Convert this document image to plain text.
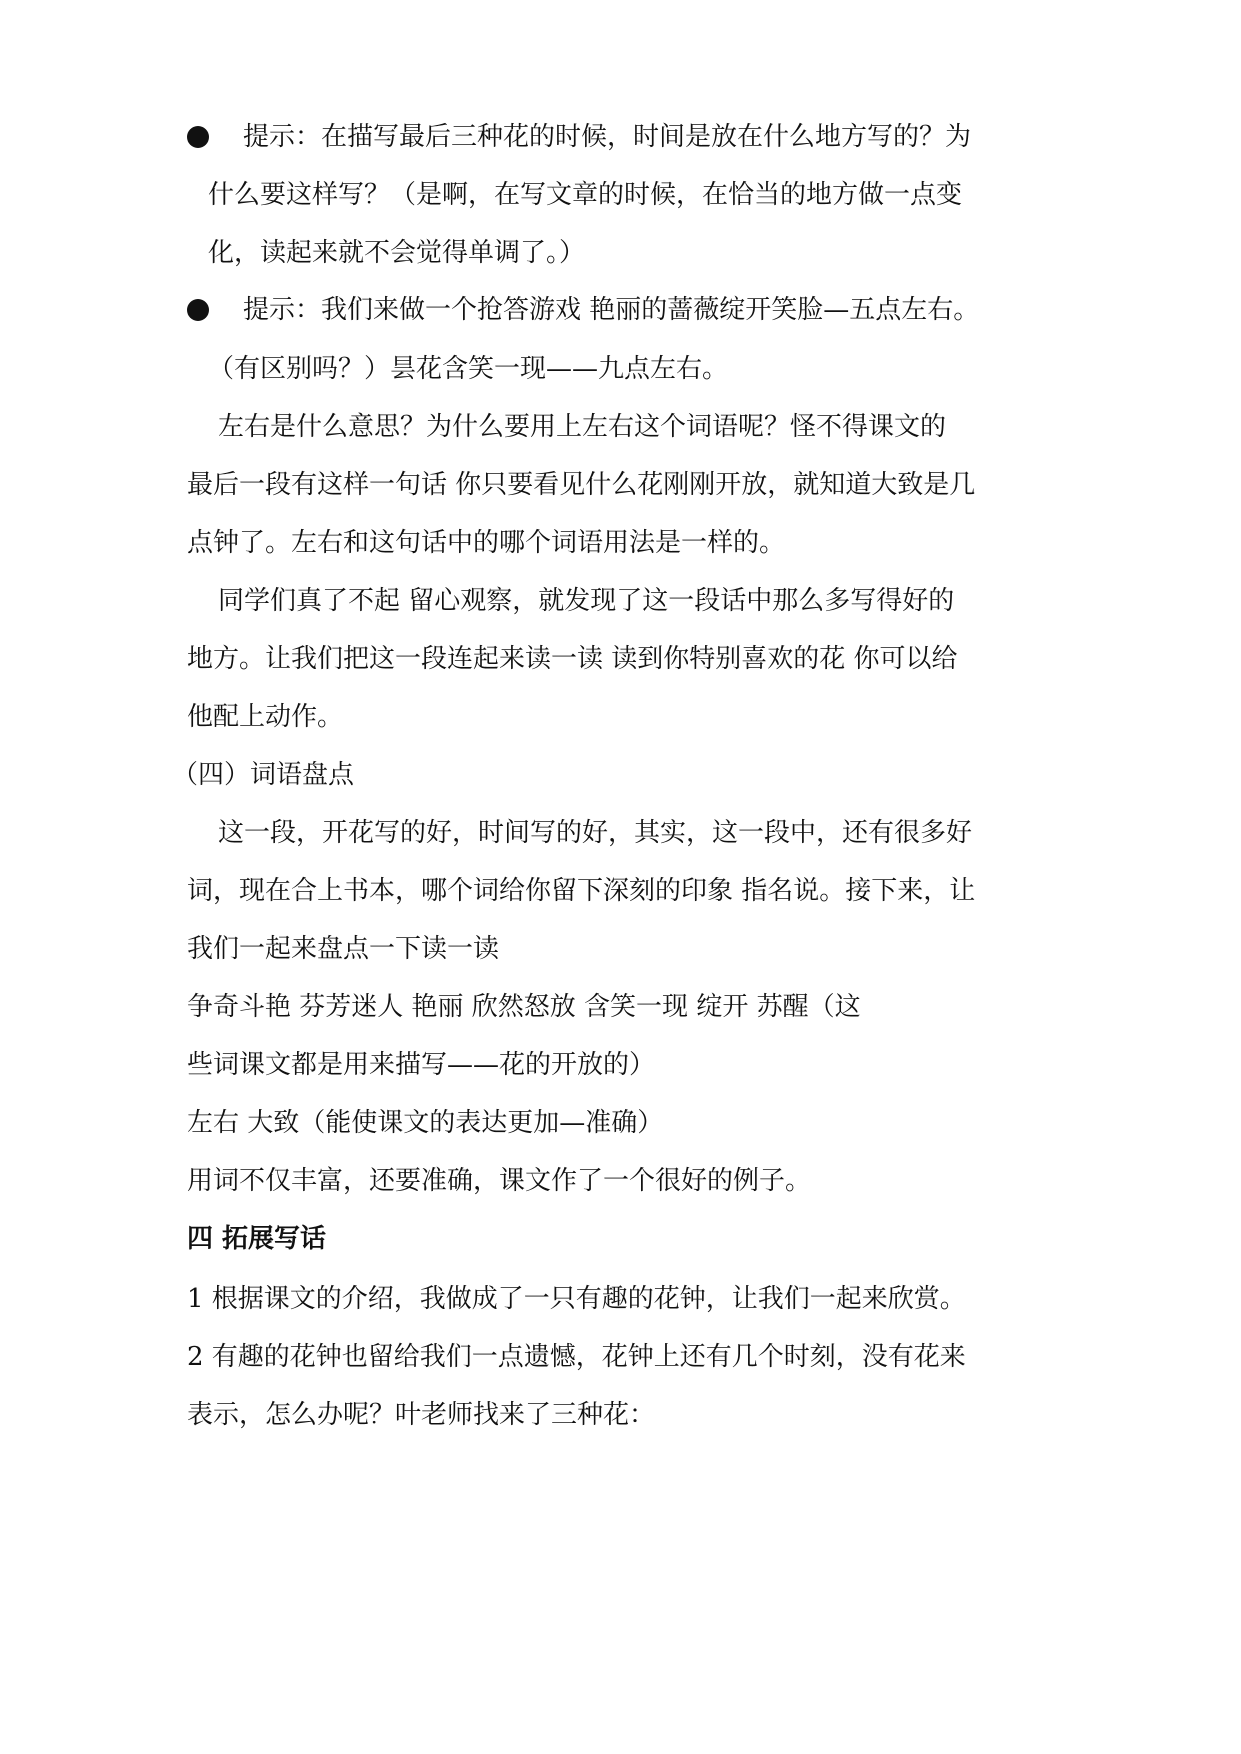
提示：在描写最后三种花的时候，时间是放在什么地方写的？为
什么要这样写？（是啊，在写文章的时候，在恰当的地方做一点变
化，读起来就不会觉得单调了。）
提示：我们来做一个抢答游戏 艳丽的蔷薇绽开笑脸—五点左右。
（有区别吗？）昙花含笑一现——九点左右。
左右是什么意思？为什么要用上左右这个词语呢？怪不得课文的
最后一段有这样一句话 你只要看见什么花刚刚开放，就知道大致是几
点钟了。左右和这句话中的哪个词语用法是一样的。
同学们真了不起 留心观察，就发现了这一段话中那么多写得好的
地方。让我们把这一段连起来读一读 读到你特别喜欢的花 你可以给
他配上动作。
（四）词语盘点
这一段，开花写的好，时间写的好，其实，这一段中，还有很多好
词，现在合上书本，哪个词给你留下深刻的印象 指名说。接下来，让
我们一起来盘点一下读一读
争奇斗艳 芬芳迷人 艳丽 欣然怒放 含笑一现 绽开 苏醒（这
些词课文都是用来描写——花的开放的）
左右 大致（能使课文的表达更加—准确）
用词不仅丰富，还要准确，课文作了一个很好的例子。
四 拓展写话
1 根据课文的介绍，我做成了一只有趣的花钟，让我们一起来欣赏。
2 有趣的花钟也留给我们一点遗憾，花钟上还有几个时刻，没有花来
表示，怎么办呢？叶老师找来了三种花：
